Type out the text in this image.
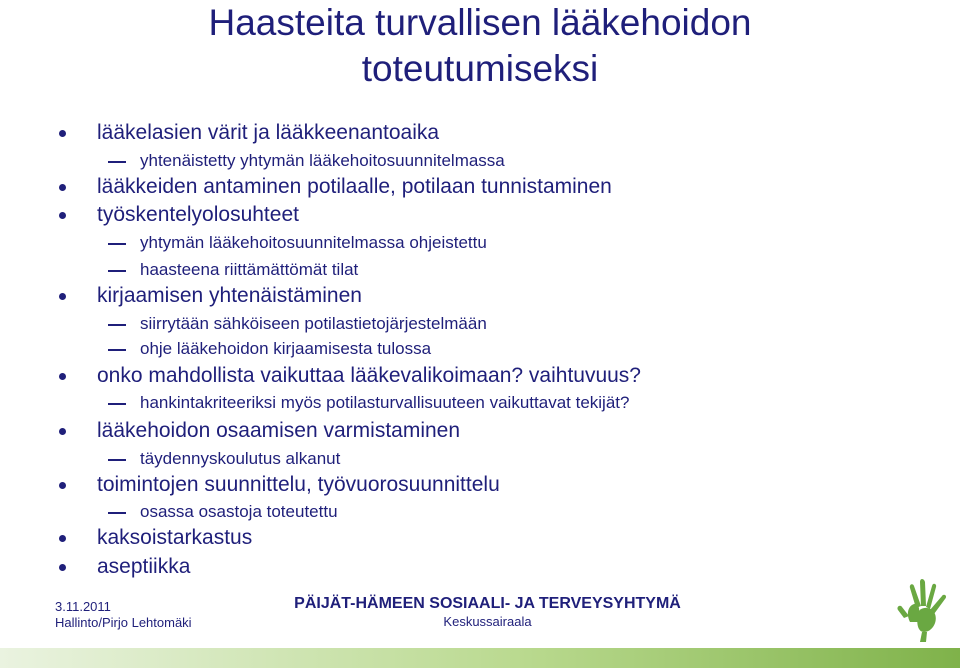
Haasteita turvallisen lääkehoidon
toteutumiseksi
lääkelasien värit ja lääkkeenantoaika
yhtenäistetty yhtymän lääkehoitosuunnitelmassa
lääkkeiden antaminen potilaalle, potilaan tunnistaminen
työskentelyolosuhteet
yhtymän lääkehoitosuunnitelmassa ohjeistettu
haasteena riittämättömät tilat
kirjaamisen yhtenäistäminen
siirrytään sähköiseen potilastietojärjestelmään
ohje lääkehoidon kirjaamisesta tulossa
onko mahdollista vaikuttaa lääkevalikoimaan? vaihtuvuus?
hankintakriteeriksi myös potilasturvallisuuteen vaikuttavat tekijät?
lääkehoidon osaamisen varmistaminen
täydennyskoulutus alkanut
toimintojen suunnittelu, työvuorosuunnittelu
osassa osastoja toteutettu
kaksoistarkastus
aseptiikka
3.11.2011
Hallinto/Pirjo Lehtomäki
PÄIJÄT-HÄMEEN SOSIAALI- JA TERVEYSYHTYMÄ
Keskussairaala
